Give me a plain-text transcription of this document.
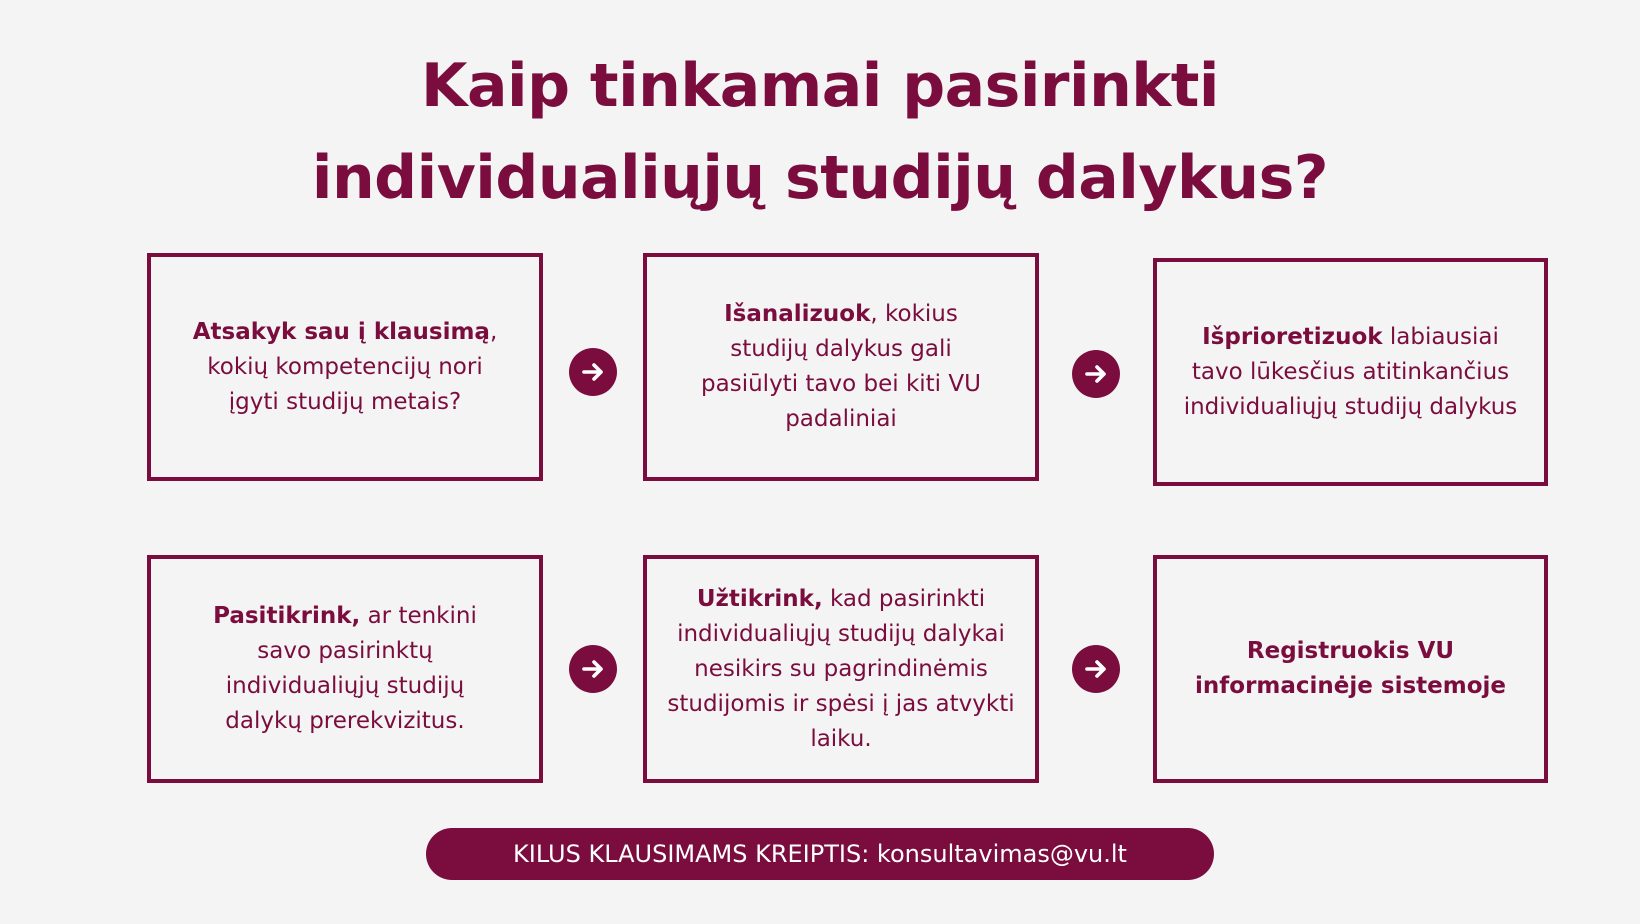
Kaip tinkamai pasirinkti
individualiųjų studijų dalykus?

Atsakyk sau į klausimą, kokių kompetencijų nori įgyti studijų metais?

Išanalizuok, kokius studijų dalykus gali pasiūlyti tavo bei kiti VU padaliniai

Išprioretizuok labiausiai tavo lūkesčius atitinkančius individualiųjų studijų dalykus

Pasitikrink, ar tenkini savo pasirinktų individualiųjų studijų dalykų prerekvizitus.

Užtikrink, kad pasirinkti individualiųjų studijų dalykai nesikirs su pagrindinėmis studijomis ir spėsi į jas atvykti laiku.

Registruokis VU informacinėje sistemoje

KILUS KLAUSIMAMS KREIPTIS: konsultavimas@vu.lt
